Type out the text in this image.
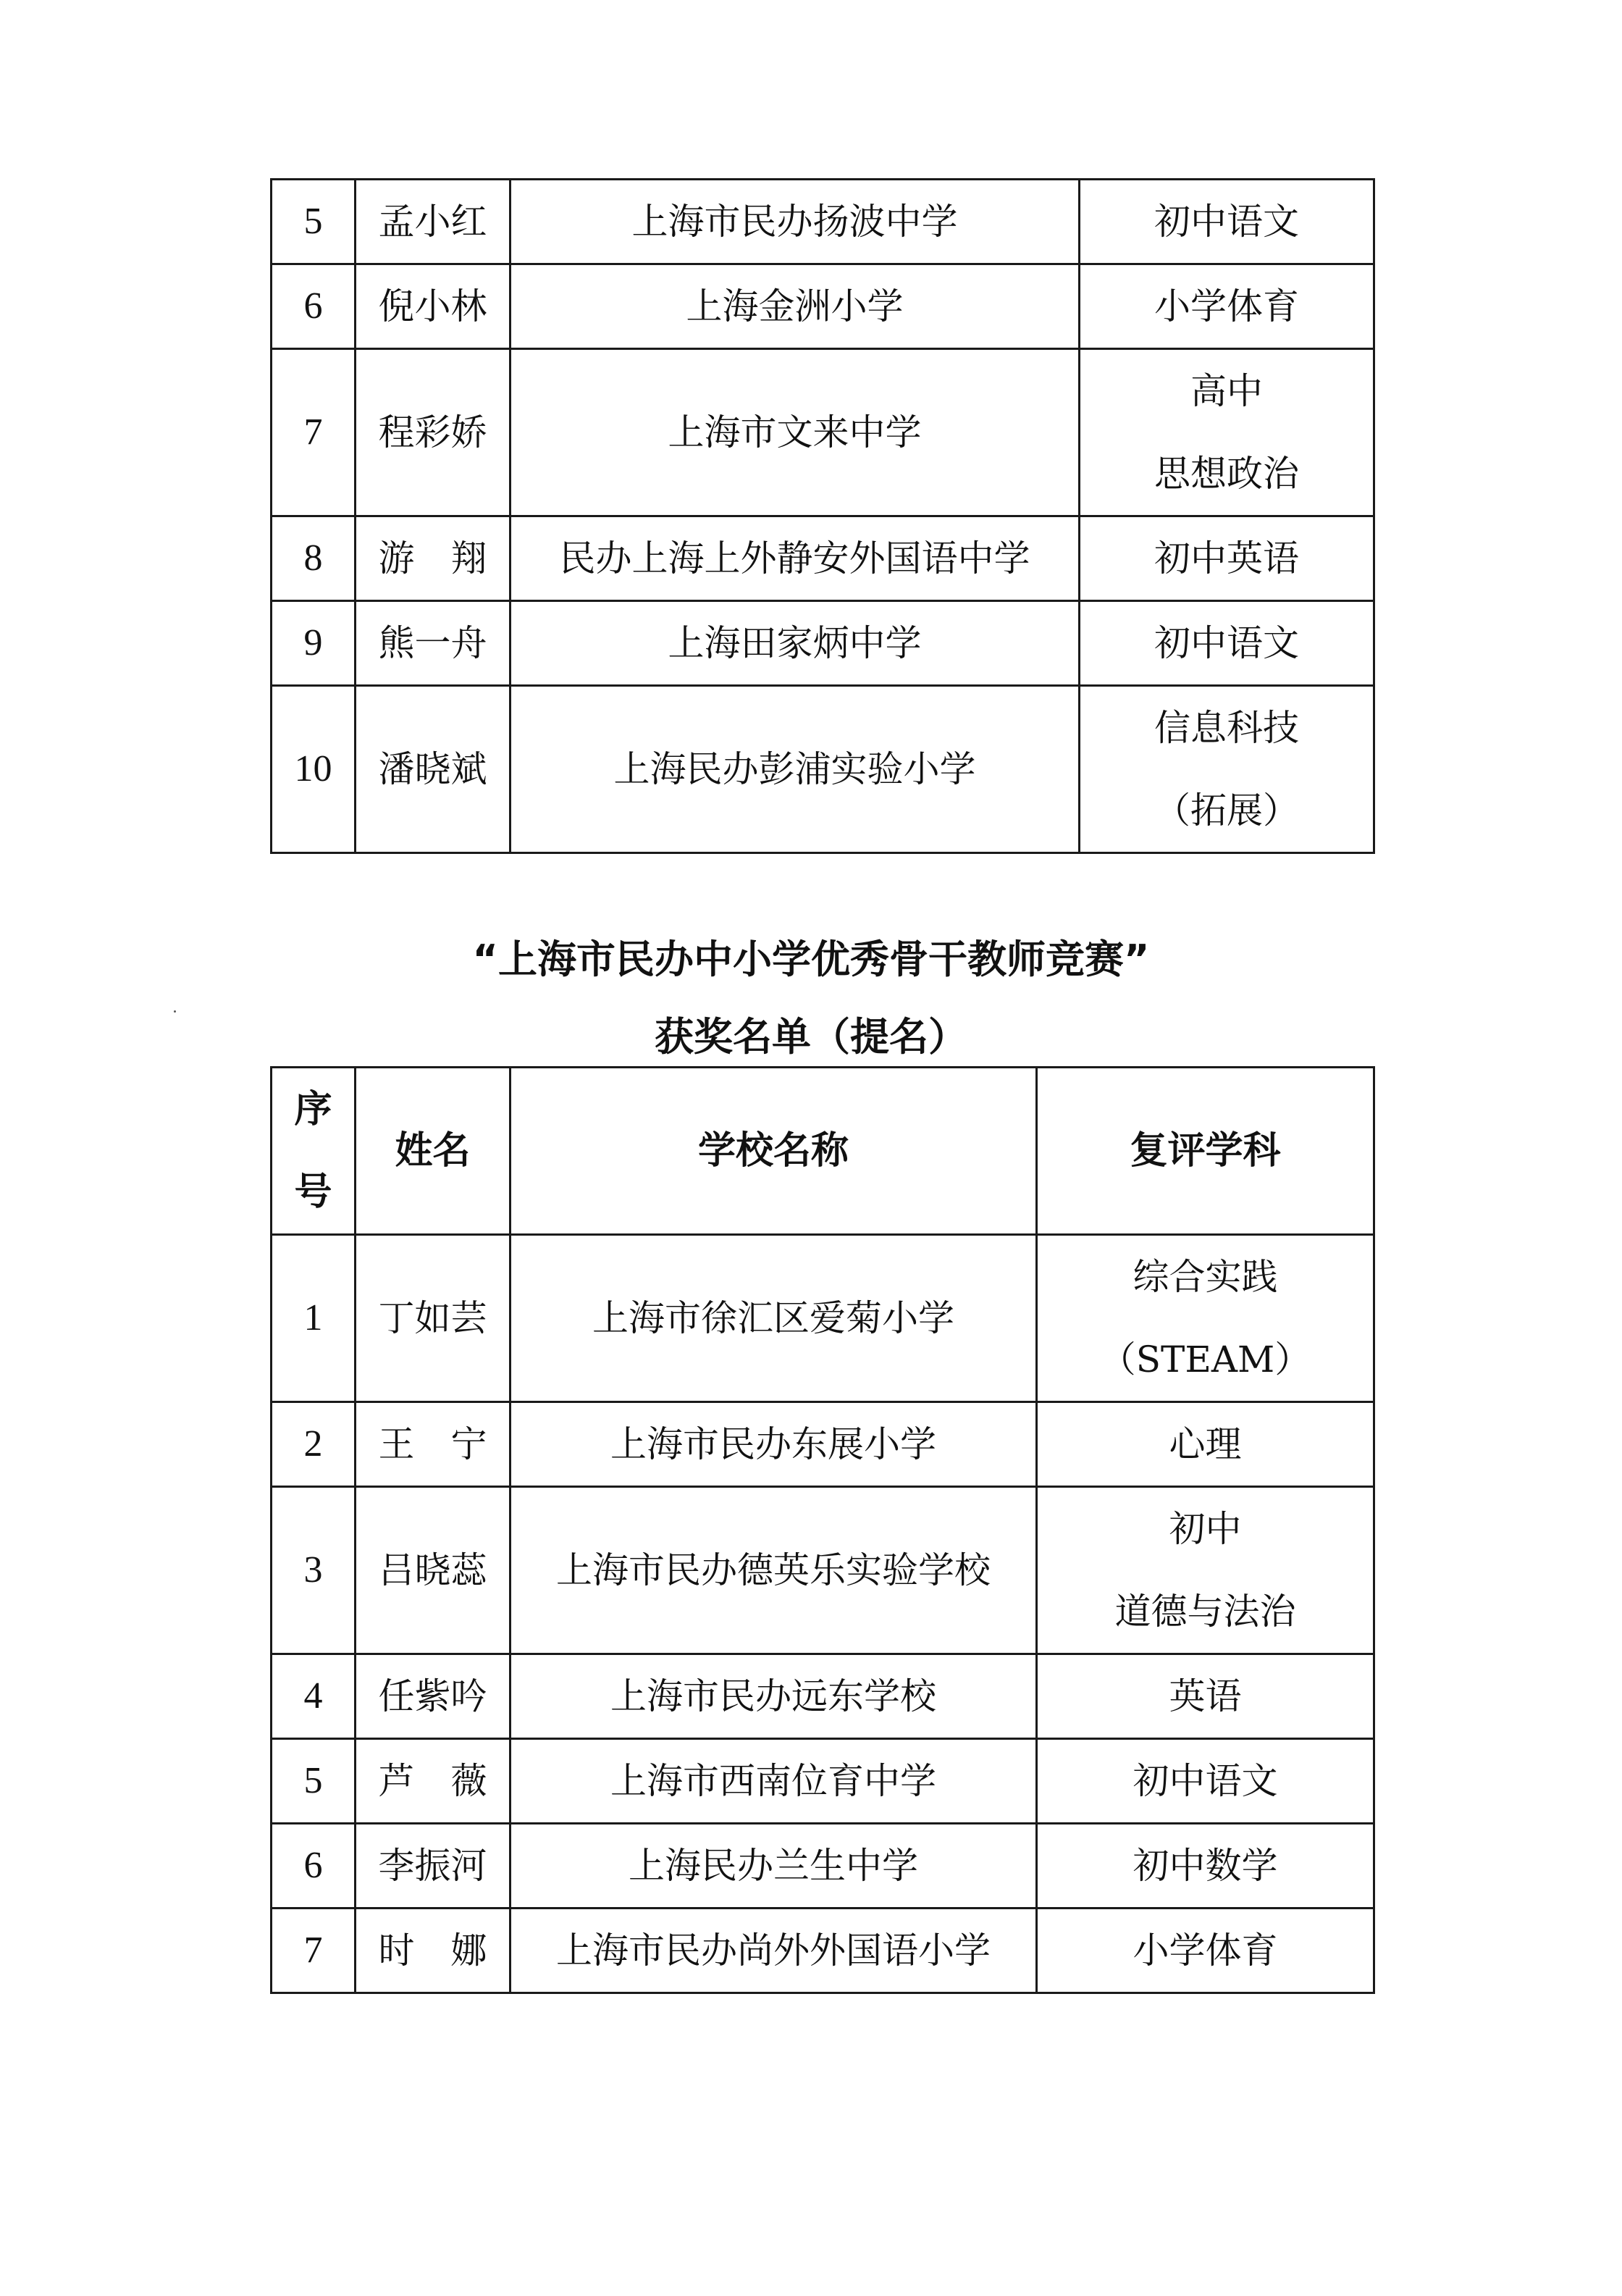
5	孟小红	上海市民办扬波中学	初中语文

6	倪小林	上海金洲小学	小学体育

7	程彩娇	上海市文来中学	高中
思想政治

8	游　翔	民办上海上外静安外国语中学	初中英语

9	熊一舟	上海田家炳中学	初中语文

10	潘晓斌	上海民办彭浦实验小学	信息科技
（拓展）
“上海市民办中小学优秀骨干教师竞赛”
获奖名单（提名）
序
号	姓名	学校名称	复评学科
1	丁如芸	上海市徐汇区爱菊小学	综合实践
（STEAM）

2	王　宁	上海市民办东展小学	心理

3	吕晓蕊	上海市民办德英乐实验学校	初中
道德与法治

4	任紫吟	上海市民办远东学校	英语

5	芦　薇	上海市西南位育中学	初中语文

6	李振河	上海民办兰生中学	初中数学

7	时　娜	上海市民办尚外外国语小学	小学体育
